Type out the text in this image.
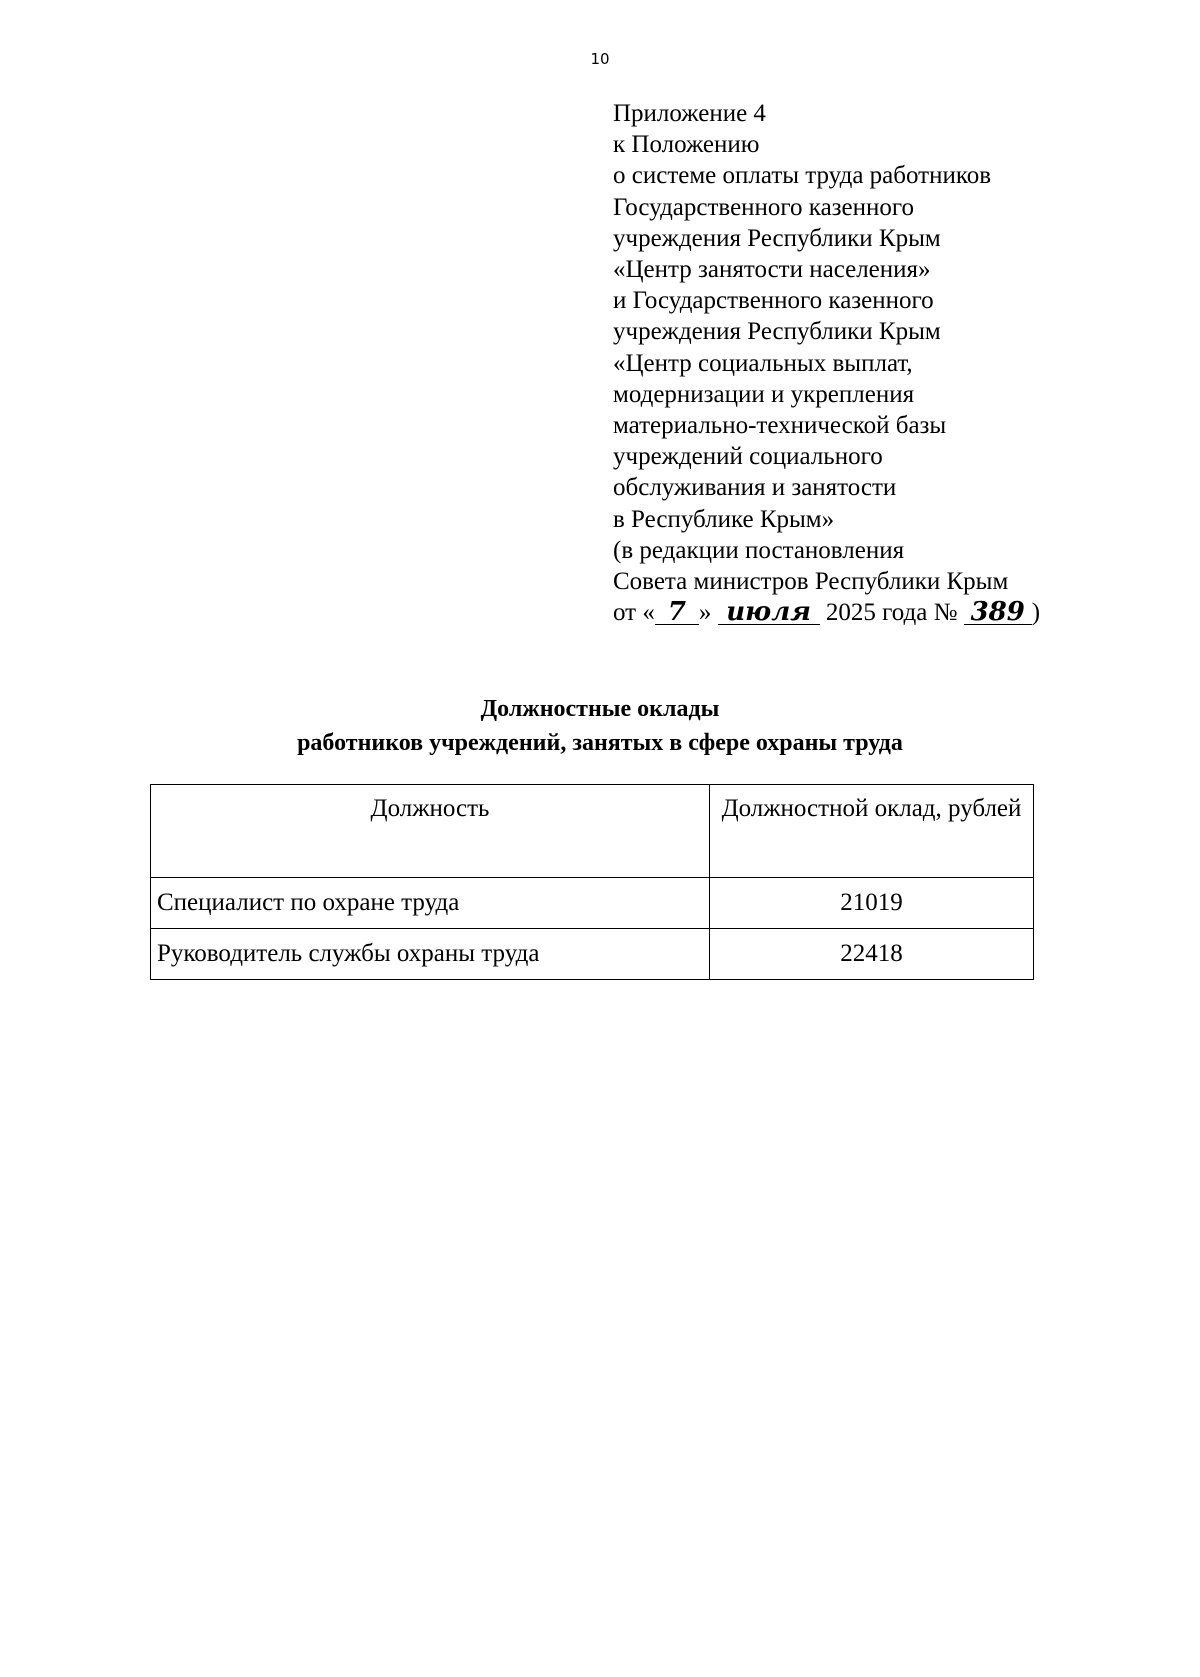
10
Приложение 4
к Положению
о системе оплаты труда работников
Государственного казенного
учреждения Республики Крым
«Центр занятости населения»
и Государственного казенного
учреждения Республики Крым
«Центр социальных выплат,
модернизации и укрепления
материально-технической базы
учреждений социального
обслуживания и занятости
в Республике Крым»
(в редакции постановления
Совета министров Республики Крым
от « 7 » июля 2025 года № 389 )
Должностные оклады
работников учреждений, занятых в сфере охраны труда
Должность	Должностной оклад, рублей
Специалист по охране труда	21019
Руководитель службы охраны труда	22418
